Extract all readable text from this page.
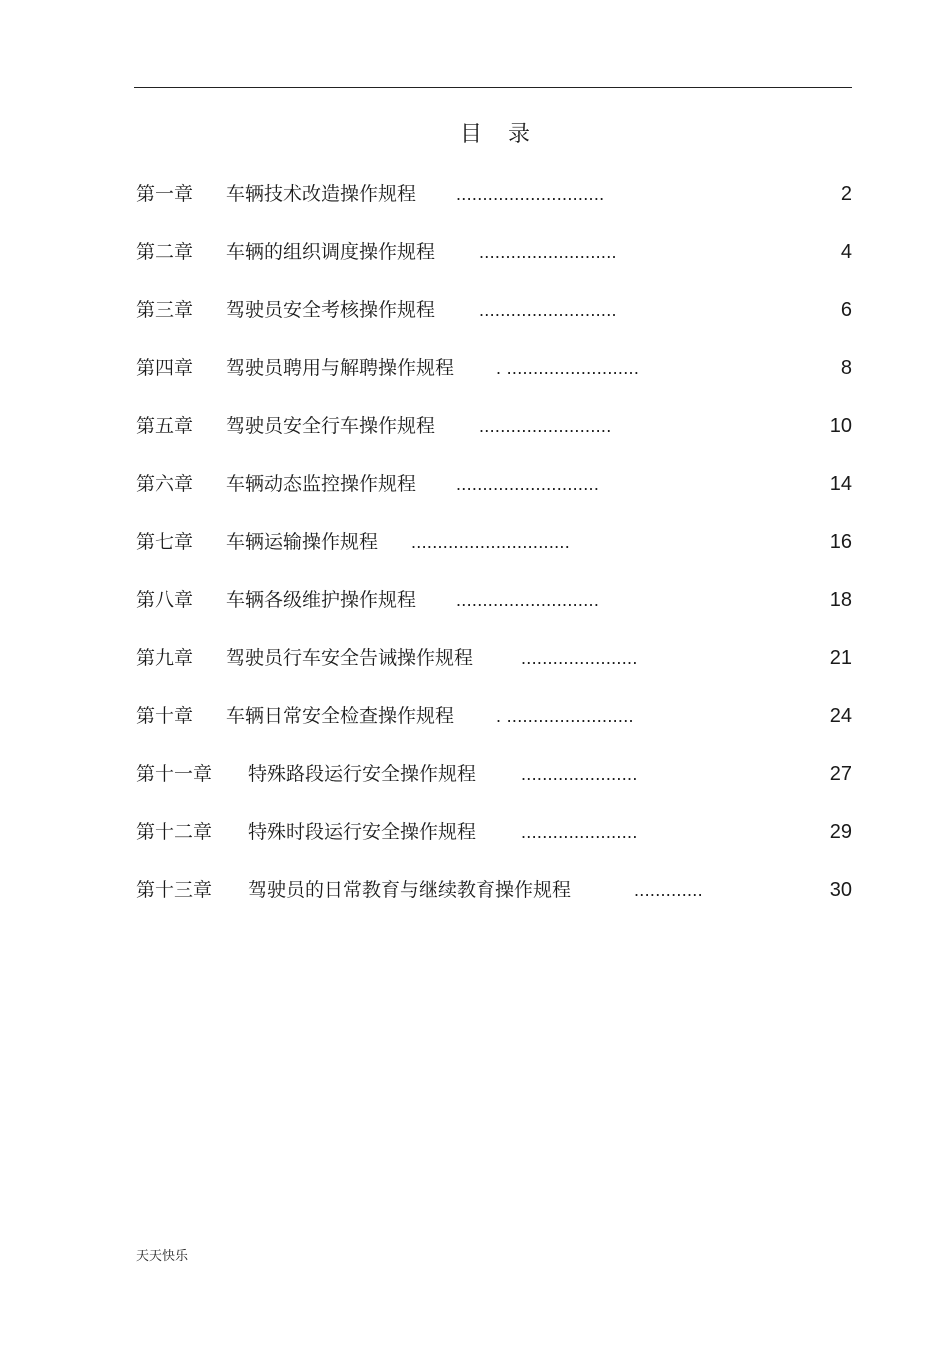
目 录
第一章 车辆技术改造操作规程 ............................	2
第二章 车辆的组织调度操作规程 ..........................	4
第三章 驾驶员安全考核操作规程 ..........................	6
第四章 驾驶员聘用与解聘操作规程 . .........................	8
第五章 驾驶员安全行车操作规程 .........................	10
第六章 车辆动态监控操作规程 ...........................	14
第七章 车辆运输操作规程 ..............................	16
第八章 车辆各级维护操作规程 ...........................	18
第九章 驾驶员行车安全告诫操作规程	......................	21
第十章 车辆日常安全检查操作规程 . ........................	24
第十一章 特殊路段运行安全操作规程 ......................	27
第十二章 特殊时段运行安全操作规程 ......................	29
第十三章 驾驶员的日常教育与继续教育操作规程	.............	30
天天快乐
